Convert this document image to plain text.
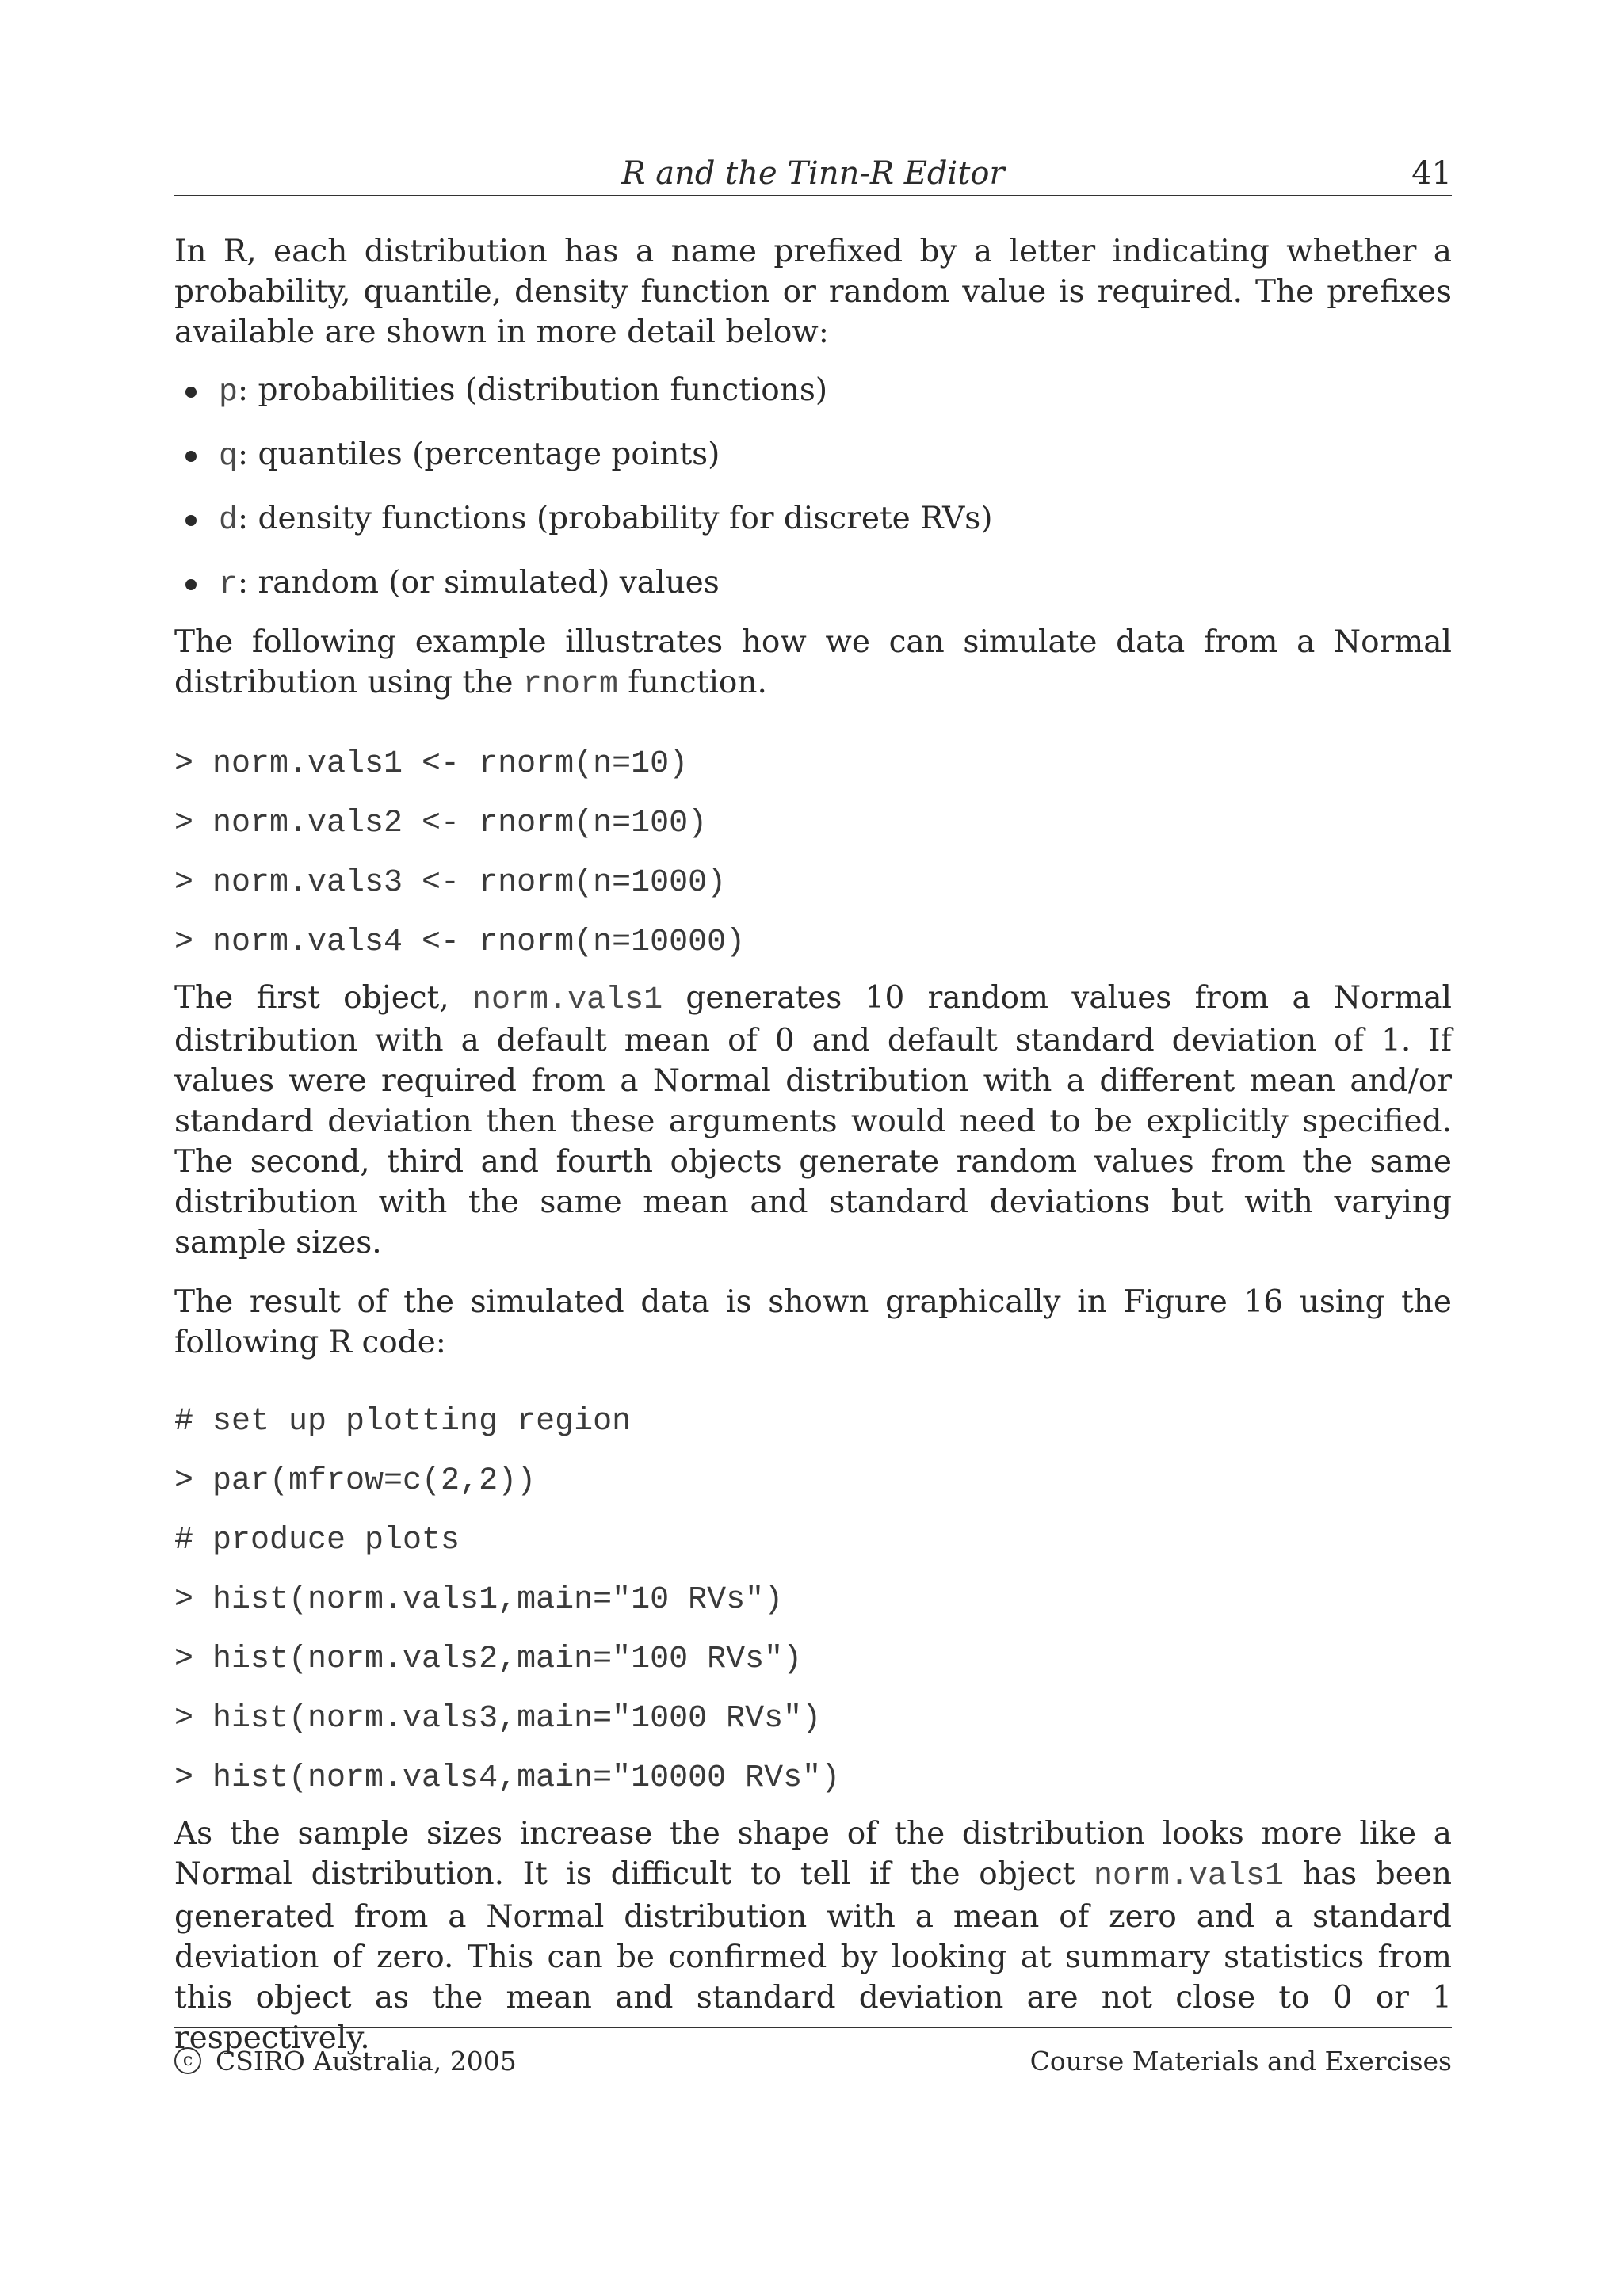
R and the Tinn-R Editor	41

In R, each distribution has a name prefixed by a letter indicating whether a probability, quantile, density function or random value is required. The prefixes available are shown in more detail below:

p: probabilities (distribution functions)
q: quantiles (percentage points)
d: density functions (probability for discrete RVs)
r: random (or simulated) values

The following example illustrates how we can simulate data from a Normal distribution using the rnorm function.

> norm.vals1 <- rnorm(n=10)
> norm.vals2 <- rnorm(n=100)
> norm.vals3 <- rnorm(n=1000)
> norm.vals4 <- rnorm(n=10000)

The first object, norm.vals1 generates 10 random values from a Normal distribution with a default mean of 0 and default standard deviation of 1. If values were required from a Normal distribution with a different mean and/or standard deviation then these arguments would need to be explicitly specified. The second, third and fourth objects generate random values from the same distribution with the same mean and standard deviations but with varying sample sizes.

The result of the simulated data is shown graphically in Figure 16 using the following R code:

# set up plotting region
> par(mfrow=c(2,2))
# produce plots
> hist(norm.vals1,main="10 RVs")
> hist(norm.vals2,main="100 RVs")
> hist(norm.vals3,main="1000 RVs")
> hist(norm.vals4,main="10000 RVs")

As the sample sizes increase the shape of the distribution looks more like a Normal distribution. It is difficult to tell if the object norm.vals1 has been generated from a Normal distribution with a mean of zero and a standard deviation of zero. This can be confirmed by looking at summary statistics from this object as the mean and standard deviation are not close to 0 or 1 respectively.

c CSIRO Australia, 2005	Course Materials and Exercises
